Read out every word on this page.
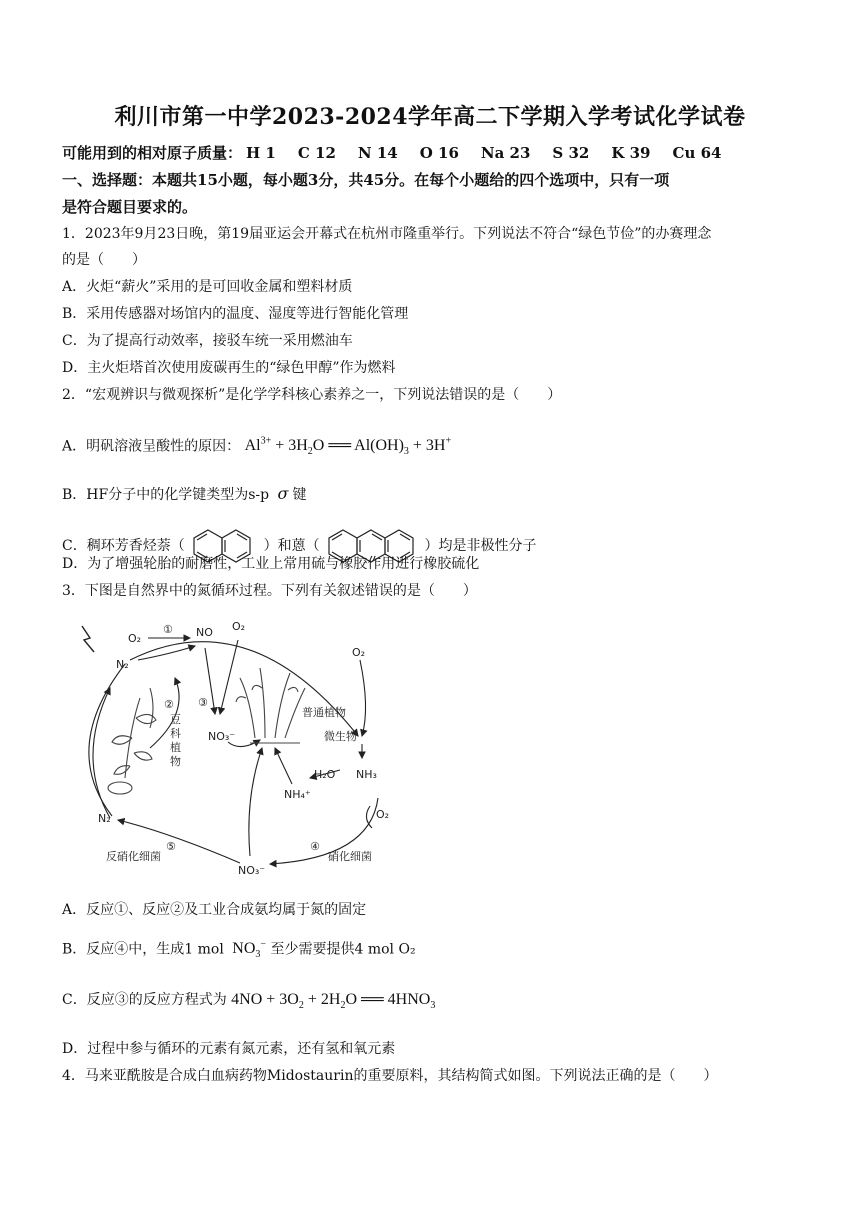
利川市第一中学2023-2024学年高二下学期入学考试化学试卷
可能用到的相对原子质量： H 1 C 12 N 14 O 16 Na 23 S 32 K 39 Cu 64
一、选择题：本题共15小题，每小题3分，共45分。在每个小题给的四个选项中，只有一项
是符合题目要求的。
1．2023年9月23日晚，第19届亚运会开幕式在杭州市隆重举行。下列说法不符合“绿色节俭”的办赛理念
的是（　　）
A．火炬“薪火”采用的是可回收金属和塑料材质
B．采用传感器对场馆内的温度、湿度等进行智能化管理
C．为了提高行动效率，接驳车统一采用燃油车
D．主火炬塔首次使用废碳再生的“绿色甲醇”作为燃料
2．“宏观辨识与微观探析”是化学学科核心素养之一，下列说法错误的是（　　）
A．明矾溶液呈酸性的原因： $Al^{3+} + 3H_2O$ ══ $Al(OH)_3 + 3H^+$
B．HF分子中的化学键类型为s-p σ 键
C．稠环芳香烃萘（	）和蒽（	）均是非极性分子
D．为了增强轮胎的耐磨性，工业上常用硫与橡胶作用进行橡胶硫化
3．下图是自然界中的氮循环过程。下列有关叙述错误的是（　　）
O₂
① NO O₂
N₂
②
豆科植物
③
NO₃⁻
普通植物
微生物
O₂
H₂O NH₃
NH₄⁺
N₂	O₂
⑤	④
反硝化细菌	硝化细菌
NO₃⁻
A．反应①、反应②及工业合成氨均属于氮的固定
B．反应④中，生成1 mol  $NO_3^-$ 至少需要提供4 mol O₂
C．反应③的反应方程式为 $4NO + 3O_2 + 2H_2O$ ══ $4HNO_3$
D．过程中参与循环的元素有氮元素，还有氢和氧元素
4．马来亚酰胺是合成白血病药物Midostaurin的重要原料，其结构简式如图。下列说法正确的是（　　）
